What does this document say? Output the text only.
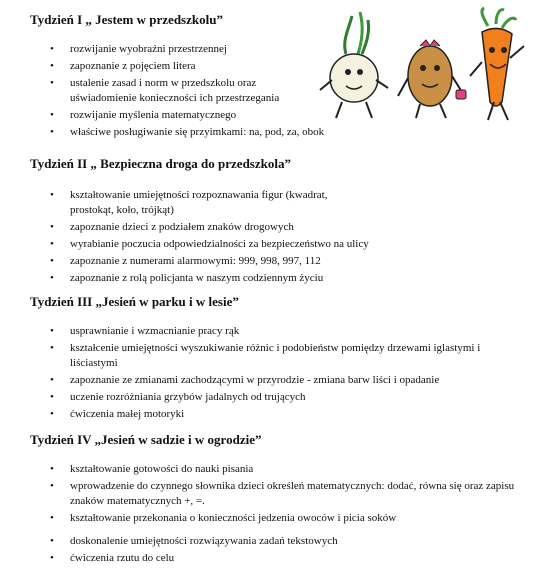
Tydzień I „ Jestem w przedszkolu”
• rozwijanie wyobraźni przestrzennej
• zapoznanie z pojęciem litera
• ustalenie zasad i norm w przedszkolu oraz uświadomienie konieczności ich przestrzegania
• rozwijanie myślenia matematycznego
• właściwe posługiwanie się przyimkami: na, pod, za, obok
Tydzień II „ Bezpieczna droga do przedszkola”
• kształtowanie umiejętności rozpoznawania figur (kwadrat, prostokąt, koło, trójkąt)
• zapoznanie dzieci z podziałem znaków drogowych
• wyrabianie poczucia odpowiedzialności za bezpieczeństwo na ulicy
• zapoznanie z numerami alarmowymi: 999, 998, 997, 112
• zapoznanie z rolą policjanta w naszym codziennym życiu
Tydzień III „Jesień w parku i w lesie”
• usprawnianie i wzmacnianie pracy rąk
• kształcenie umiejętności wyszukiwanie różnic i podobieństw pomiędzy drzewami iglastymi i liściastymi
• zapoznanie ze zmianami zachodzącymi w przyrodzie - zmiana barw liści i opadanie
• uczenie rozróżniania grzybów jadalnych od trujących
• ćwiczenia małej motoryki
Tydzień IV „Jesień w sadzie i w ogrodzie”
• kształtowanie gotowości do nauki pisania
• wprowadzenie do czynnego słownika dzieci określeń matematycznych: dodać, równa się oraz zapisu znaków matematycznych +, =.
• kształtowanie przekonania o konieczności jedzenia owoców i picia soków
• doskonalenie umiejętności rozwiązywania zadań tekstowych
• ćwiczenia rzutu do celu
